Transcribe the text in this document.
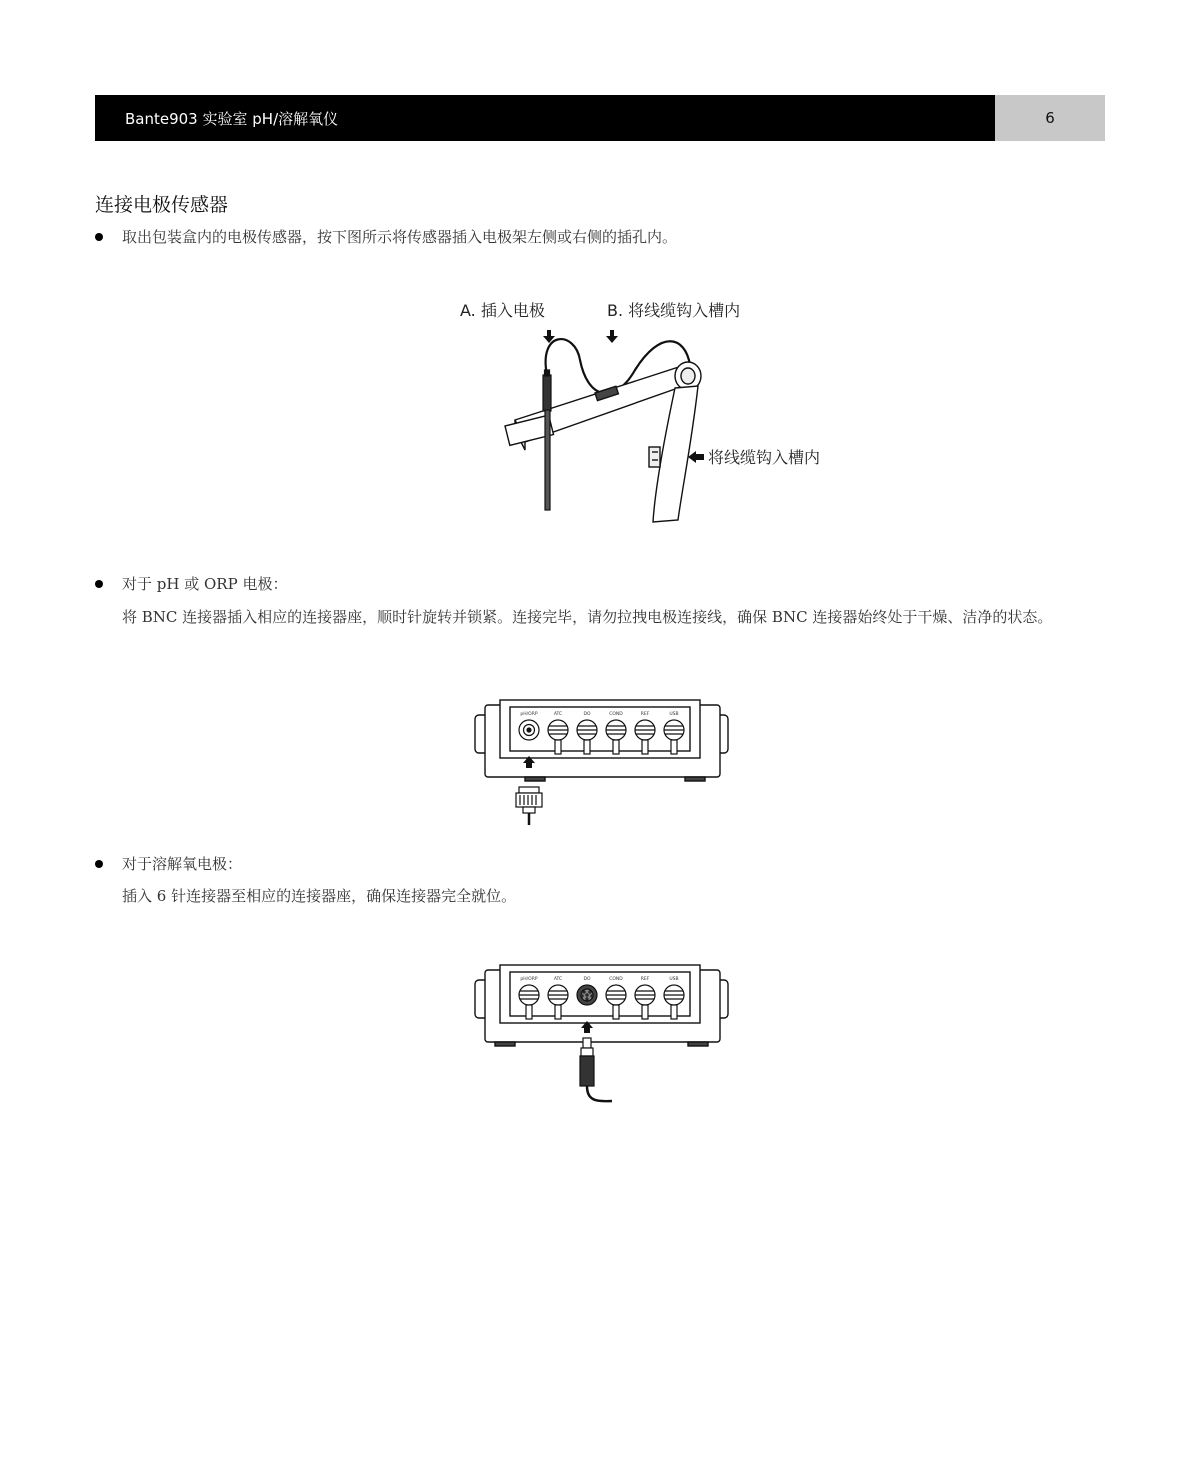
Bante903 实验室 pH/溶解氧仪	6
连接电极传感器
取出包装盒内的电极传感器，按下图所示将传感器插入电极架左侧或右侧的插孔内。
A. 插入电极	B. 将线缆钩入槽内
将线缆钩入槽内
对于 pH 或 ORP 电极：
将 BNC 连接器插入相应的连接器座，顺时针旋转并锁紧。连接完毕，请勿拉拽电极连接线，确保 BNC 连接器始终处于干燥、洁净的状态。
pH/ORP	ATC	DO	COND	REF	USB
对于溶解氧电极：
插入 6 针连接器至相应的连接器座，确保连接器完全就位。
pH/ORP	ATC	DO	COND	REF	USB
